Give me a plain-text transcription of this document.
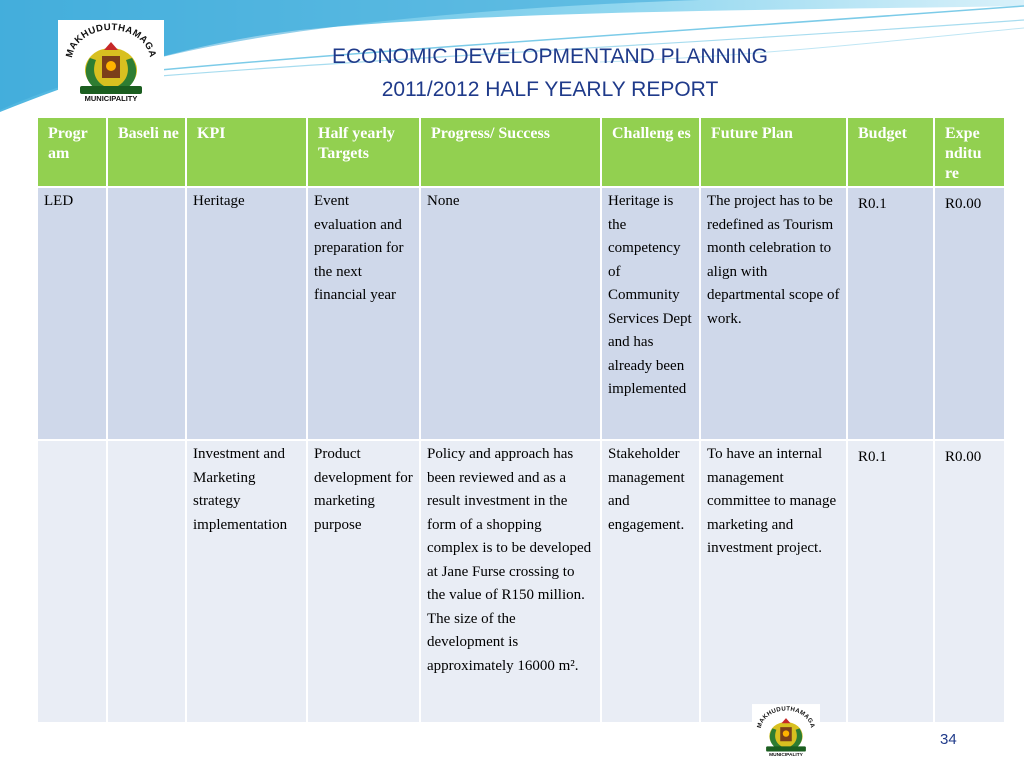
MAKHUDUTHAMAGA
MUNICIPALITY
ECONOMIC DEVELOPMENTAND PLANNING
2011/2012 HALF YEARLY REPORT
Progr am	Baseli ne	KPI	Half yearly Targets	Progress/ Success	Challeng es	Future Plan	Budget	Expe nditu re
LED		Heritage	Event evaluation and preparation for the next financial year	None	Heritage is the competency of Community Services Dept and has already been implemented	The project has to be redefined as Tourism month celebration to align with departmental scope of work.	R0.1	R0.00
		Investment and Marketing strategy implementation	Product development for marketing purpose	Policy and approach has been reviewed and as a result investment in the form of a shopping complex is to be developed at Jane Furse crossing to the value of R150 million. The size of the development is approximately 16000 m².	Stakeholder management and engagement.	To have an internal management committee to manage marketing and investment project.	R0.1	R0.00
MAKHUDUTHAMAGA
MUNICIPALITY
34
